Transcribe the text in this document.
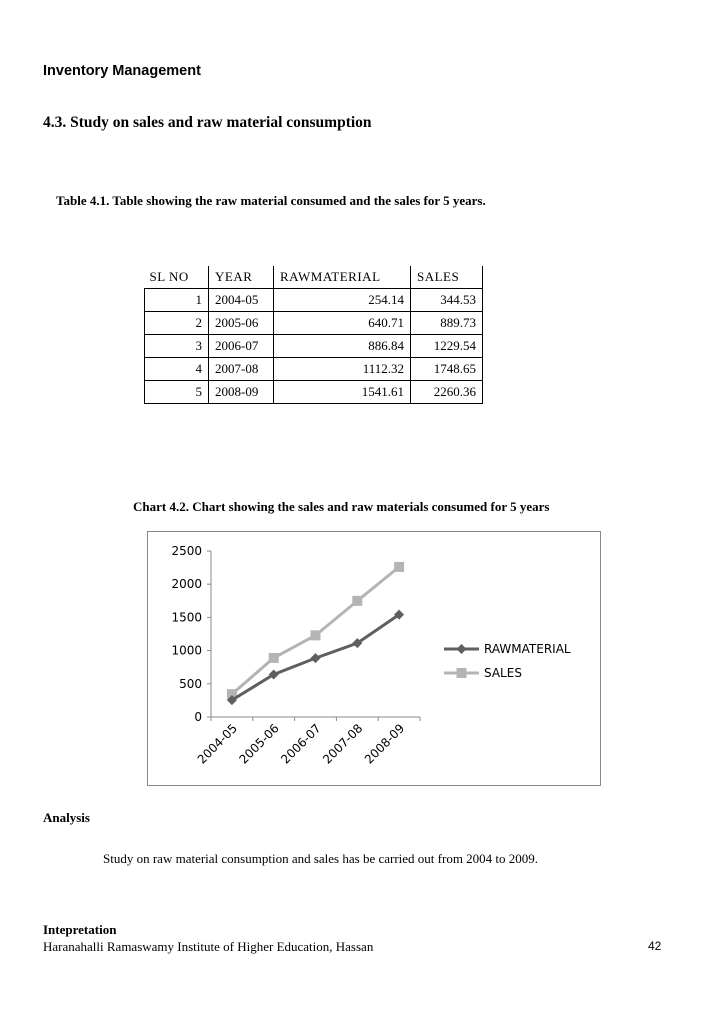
Inventory Management
4.3. Study on sales and raw material consumption
Table 4.1. Table showing the raw material consumed and the sales for 5 years.
SL NO	YEAR	RAWMATERIAL	SALES
1	2004-05	254.14	344.53
2	2005-06	640.71	889.73
3	2006-07	886.84	1229.54
4	2007-08	1112.32	1748.65
5	2008-09	1541.61	2260.36
Chart 4.2. Chart showing the sales and raw materials consumed for 5 years
0
500
1000
1500
2000
2500
2004-05
2005-06
2006-07
2007-08
2008-09
RAWMATERIAL
SALES
Analysis
Study on raw material consumption and sales has be carried out from 2004 to 2009.
Intepretation
Haranahalli Ramaswamy Institute of Higher Education, Hassan	42
